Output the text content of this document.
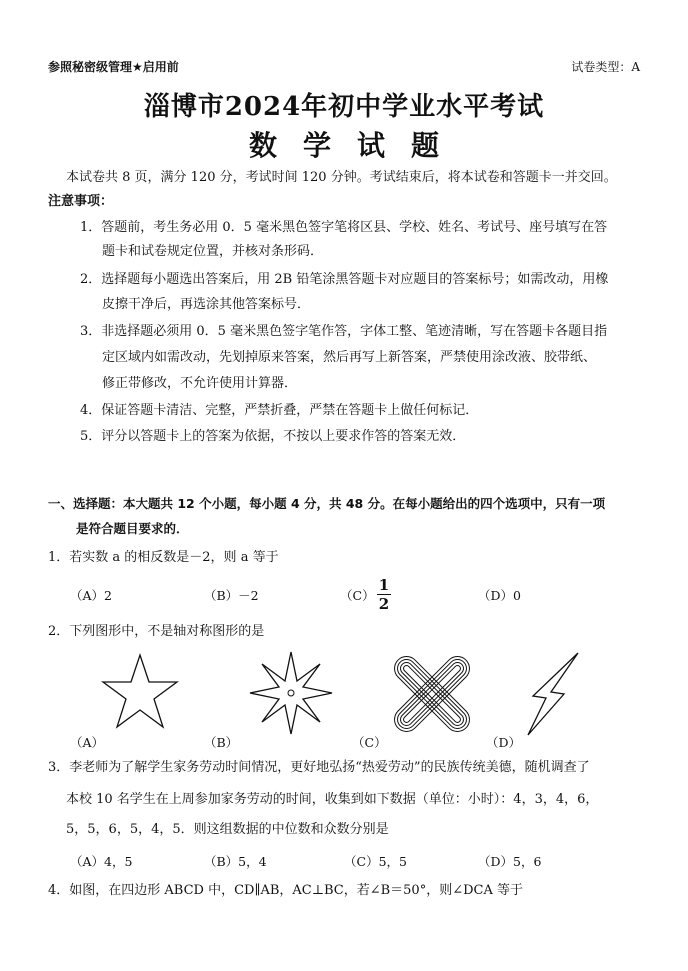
参照秘密级管理★启用前	试卷类型：A
淄博市2024年初中学业水平考试
数学试题
本试卷共 8 页，满分 120 分，考试时间 120 分钟。考试结束后，将本试卷和答题卡一并交回。
注意事项：
1．答题前，考生务必用 0．5 毫米黑色签字笔将区县、学校、姓名、考试号、座号填写在答
题卡和试卷规定位置，并核对条形码．
2．选择题每小题选出答案后，用 2B 铅笔涂黑答题卡对应题目的答案标号；如需改动，用橡
皮擦干净后，再选涂其他答案标号．
3．非选择题必须用 0．5 毫米黑色签字笔作答，字体工整、笔迹清晰，写在答题卡各题目指
定区域内如需改动，先划掉原来答案，然后再写上新答案，严禁使用涂改液、胶带纸、
修正带修改，不允许使用计算器．
4．保证答题卡清洁、完整，严禁折叠，严禁在答题卡上做任何标记．
5．评分以答题卡上的答案为依据，不按以上要求作答的答案无效．
一、选择题：本大题共 12 个小题，每小题 4 分，共 48 分。在每小题给出的四个选项中，只有一项
是符合题目要求的．
1．若实数 a 的相反数是－2，则 a 等于
（A）2	（B）－2	（C）
1
2	（D）0
2．下列图形中，不是轴对称图形的是
（A）	（B）	（C）	（D）
3．李老师为了解学生家务劳动时间情况，更好地弘扬“热爱劳动”的民族传统美德，随机调查了
本校 10 名学生在上周参加家务劳动的时间，收集到如下数据（单位：小时）：4，3，4，6，
5，5，6，5，4，5．则这组数据的中位数和众数分别是
（A）4，5	（B）5，4	（C）5，5	（D）5，6
4．如图，在四边形 ABCD 中，CD∥AB，AC⊥BC，若∠B＝50°，则∠DCA 等于
